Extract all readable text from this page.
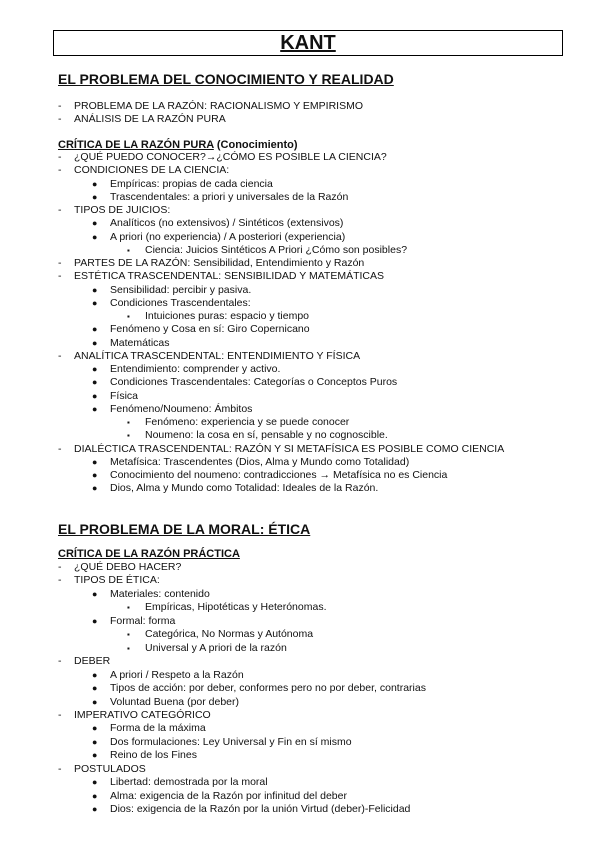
KANT
EL PROBLEMA DEL CONOCIMIENTO Y REALIDAD
- PROBLEMA DE LA RAZÓN: RACIONALISMO Y EMPIRISMO
- ANÁLISIS DE LA RAZÓN PURA
CRÍTICA DE LA RAZÓN PURA (Conocimiento)
- ¿QUÉ PUEDO CONOCER?→¿CÓMO ES POSIBLE LA CIENCIA?
- CONDICIONES DE LA CIENCIA:
● Empíricas: propias de cada ciencia
● Trascendentales: a priori y universales de la Razón
- TIPOS DE JUICIOS:
● Analíticos (no extensivos) / Sintéticos (extensivos)
● A priori (no experiencia) / A posteriori (experiencia)
▪ Ciencia: Juicios Sintéticos A Priori ¿Cómo son posibles?
- PARTES DE LA RAZÓN: Sensibilidad, Entendimiento y Razón
- ESTÉTICA TRASCENDENTAL: SENSIBILIDAD Y MATEMÁTICAS
● Sensibilidad: percibir y pasiva.
● Condiciones Trascendentales:
▪ Intuiciones puras: espacio y tiempo
● Fenómeno y Cosa en sí: Giro Copernicano
● Matemáticas
- ANALÍTICA TRASCENDENTAL: ENTENDIMIENTO Y FÍSICA
● Entendimiento: comprender y activo.
● Condiciones Trascendentales: Categorías o Conceptos Puros
● Física
● Fenómeno/Noumeno: Ámbitos
▪ Fenómeno: experiencia y se puede conocer
▪ Noumeno: la cosa en sí, pensable y no cognoscible.
- DIALÉCTICA TRASCENDENTAL: RAZÓN Y SI METAFÍSICA ES POSIBLE COMO CIENCIA
● Metafísica: Trascendentes (Dios, Alma y Mundo como Totalidad)
● Conocimiento del noumeno: contradicciones → Metafísica no es Ciencia
● Dios, Alma y Mundo como Totalidad: Ideales de la Razón.
EL PROBLEMA DE LA MORAL: ÉTICA
CRÍTICA DE LA RAZÓN PRÁCTICA
- ¿QUÉ DEBO HACER?
- TIPOS DE ÉTICA:
● Materiales: contenido
▪ Empíricas, Hipotéticas y Heterónomas.
● Formal: forma
▪ Categórica, No Normas y Autónoma
▪ Universal y A priori de la razón
- DEBER
● A priori / Respeto a la Razón
● Tipos de acción: por deber, conformes pero no por deber, contrarias
● Voluntad Buena (por deber)
- IMPERATIVO CATEGÓRICO
● Forma de la máxima
● Dos formulaciones: Ley Universal y Fin en sí mismo
● Reino de los Fines
- POSTULADOS
● Libertad: demostrada por la moral
● Alma: exigencia de la Razón por infinitud del deber
● Dios: exigencia de la Razón por la unión Virtud (deber)-Felicidad
